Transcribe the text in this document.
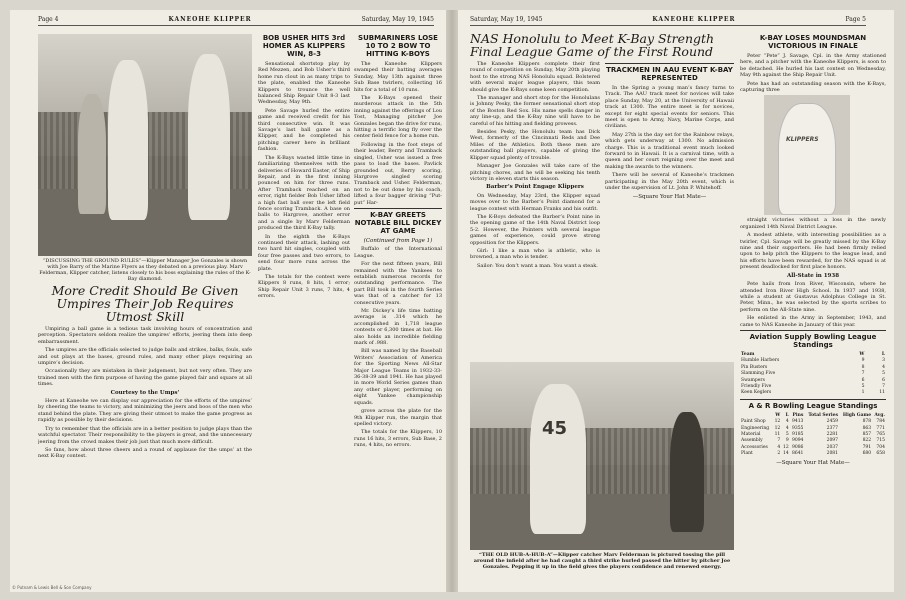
Page 4	KANEOHE KLIPPER	Saturday, May 19, 1945
“DISCUSSING THE GROUND RULES”—Klipper Manager Joe Gonzales is shown with Joe Barry of the Marine Flyers as they debated on a previous play. Marv Felderman, Klipper catcher, listens closely to his boss explaining the rules of the K-Bay diamond.
More Credit Should Be Given Umpires Their Job Requires Utmost Skill

Umpiring a ball game is a tedious task involving hours of concentration and perception. Spectators seldom realize the umpires’ efforts, jeering them into deep embarrassment.

The umpires are the officials selected to judge balls and strikes, balks, fouls, safe and out plays at the bases, ground rules, and many other plays requiring an umpire’s decision.

Occasionally they are mistaken in their judgement, but not very often. They are trained men with the firm purpose of having the game played fair and square at all times.

Courtesy to the Umps’

Here at Kaneohe we can display our appreciation for the efforts of the umpires’ by cheering the teams to victory, and minimizing the jeers and boos of the men who stand behind the plate. They are giving their utmost to make the game progress as rapidly as possible by their decisions.

Try to remember that the officials are in a better position to judge plays than the watchful spectator. Their responsibility to the players is great, and the unnecessary jeering from the crowd makes their job just that much more difficult.

So fans, how about three cheers and a round of applause for the umps’ at the next K-Bay contest.

BOB USHER HITS 3rd HOMER AS KLIPPERS WIN, 8-3

Sensational shortstop play by Red Mezzen, and Bob Usher’s third home run clout in as many trips to the plate, enabled the Kaneohe Klippers to trounce the well balanced Ship Repair Unit 8-3 last Wednesday, May 9th.

Pete Savage hurled the entire game and received credit for his third consecutive win. It was Savage’s last ball game as a Klipper, and he completed his pitching career here in brilliant fashion.

The K-Bays wasted little time in familiarizing themselves with the deliveries of Howard Easter, of Ship Repair, and in the first inning pounced on him for three runs. After Tramback reached on an error, right fielder Bob Usher lifted a high fast ball over the left field fence scoring Tramback. A base on balls to Hargrove, another error and a single by Marv Felderman produced the third K-Bay tally.

In the eighth the K-Bays continued their attack, lashing out two hard hit singles, coupled with four free passes and two errors, to send four more runs across the plate.

The totals for the contest were Klippers 8 runs, 8 hits, 1 error; Ship Repair Unit 3 runs, 7 hits, 4 errors.

SUBMARINERS LOSE 10 TO 2 BOW TO HITTING K-BOYS

The Kaneohe Klippers swamped their batting averages Sunday, May 13th against three Sub Base twirlers, collecting 16 hits for a total of 10 runs.

The K-Bays opened their murderous attack in the 5th inning against the offerings of Lou Tost, Managing pitcher Joe Gonzales began the drive for runs, hitting a terrific long fly over the center field fence for a home run.

Following in the foot steps of their leader, Berry and Tramback singled, Usher was issued a free pass to load the bases. Pavlick grounded out, Berry scoring, Hargrove singled scoring Tramback and Usher. Felderman, not to be out done by his coach, lifted a four bagger driving “Put-put” Har-

K-BAY GREETS NOTABLE BILL DICKEY AT GAME
(Continued from Page 1)

Buffalo of the International League.

For the next fifteen years, Bill remained with the Yankees to establish numerous records for outstanding performance. The part Bill took in the fourth Series was that of a catcher for 13 consecutive years.

Mr. Dickey’s life time batting average is .314 which he accomplished in 1,718 league contests or 6,300 times at bat. He also holds an incredible fielding mark of .988.

Bill was named by the Baseball Writers’ Association of America for the Sporting News All-Star Major League Teams in 1932-33-36-38-39 and 1941. He has played in more World Series games than any other player, performing on eight Yankee championship squads.

grove across the plate for the 9th Klipper run, the margin that spelled victory.

The totals for the Klippers, 10 runs 16 hits, 3 errors, Sub Base, 2 runs, 4 hits, no errors.

© Putnam & Lewis Bell & Son Company
Saturday, May 19, 1945	KANEOHE KLIPPER	Page 5
NAS Honolulu to Meet K-Bay Strength Final League Game of the First Round

The Kaneohe Klippers complete their first round of competition on Sunday, May 20th playing host to the strong NAS Honolulu squad. Bolstered with several major league players, this team should give the K-Bays some keen competition.

The manager and short stop for the Honolulans is Johnny Pesky, the former sensational short stop of the Boston Red Sox. His name spells danger in any line-up, and the K-Bay nine will have to be careful of his hitting and fielding prowess.

Besides Pesky, the Honolulu team has Dick West, formerly of the Cincinnati Reds and Dee Miles of the Athletics. Both these men are outstanding ball players, capable of giving the Klipper squad plenty of trouble.

Manager Joe Gonzales will take care of the pitching chores, and he will be seeking his tenth victory in eleven starts this season.

Barber’s Point Engage Klippers

On Wednesday, May 23rd, the Klipper squad moves over to the Barber’s Point diamond for a league contest with Herman Franks and his outfit.

The K-Boys defeated the Barber’s Point nine in the opening game of the 14th Naval District loop 5-2. However, the Pointers with several league games of experience, could prove strong opposition for the Klippers.

Girl: I like a man who is athletic, who is browned, a man who is tender.

Sailor: You don’t want a man. You want a steak.

TRACKMEN IN AAU EVENT K-BAY REPRESENTED

In the Spring a young man’s fancy turns to Track. The AAU track meet for novices will take place Sunday, May 20, at the University of Hawaii track at 1300. The entire meet is for novices, except for eight special events for seniors. This meet is open to Army, Navy, Marine Corps, and civilians.

May 27th is the day set for the Rainbow relays, which gets underway at 1300. No admission charge. This is a traditional event much looked forward to in Hawaii. It is a carnival time, with a queen and her court reigning over the meet and making the awards to the winners.

There will be several of Kaneohe’s trackmen participating in the May 20th event, which is under the supervision of Lt. John P. Whitehoff.

—Square Your Hat Mate—
45
“THE OLD HUB-A-HUB-A”—Klipper catcher Marv Felderman is pictured tossing the pill around the infield after he had caught a third strike hurled passed the hitter by pitcher Joe Gonzales. Pepping it up in the field gives the players confidence and renewed energy.
K-BAY LOSES MOUNDSMAN VICTORIOUS IN FINALE

Peter “Pete” J. Savage, Cpl. in the Army stationed here, and a pitcher with the Kaneohe Klippers, is soon to be detached. He hurled his last contest on Wednesday, May 9th against the Ship Repair Unit.

Pete has had an outstanding season with the K-Bays, capturing three

KLIPPERS

straight victories without a loss in the newly organized 14th Naval District League.

A modest athlete, with interesting possibilities as a twirler, Cpl. Savage will be greatly missed by the K-Bay nine and their supporters. He had been firmly relied upon to help pitch the Klippers to the league lead, and his efforts have been rewarded, for the NAS squad is at present deadlocked for first place honors.

All-State in 1938

Pete hails from Iron River, Wisconsin, where he attended Iron River High School. In 1937 and 1938, while a student at Gustavus Adolphus College in St. Peter, Minn., he was selected by the sports scribes to perform on the All-State nine.

He enlisted in the Army in September, 1943, and came to NAS Kaneohe in January of this year.

Aviation Supply Bowling League Standings
Team	W	L
Humble Harbers	9	3
Pin Busters	8	4
Slamming Five	7	5
Swampers	6	6
Friendly Five	5	7
Keen Keglers	1	11
A & R Bowling League Standings
	W	L	Pins	Total Series	High Game	Avg.
Paint Shop	12	4	9413	2459	878	784
Engineering	12	4	9355	2377	863	771
Material	11	5	9185	2281	857	765
Assembly	7	9	9094	2097	822	715
Accessories	4	12	9086	2037	791	704
Plant	2	14	8641	2081	680	658
—Square Your Hat Mate—
